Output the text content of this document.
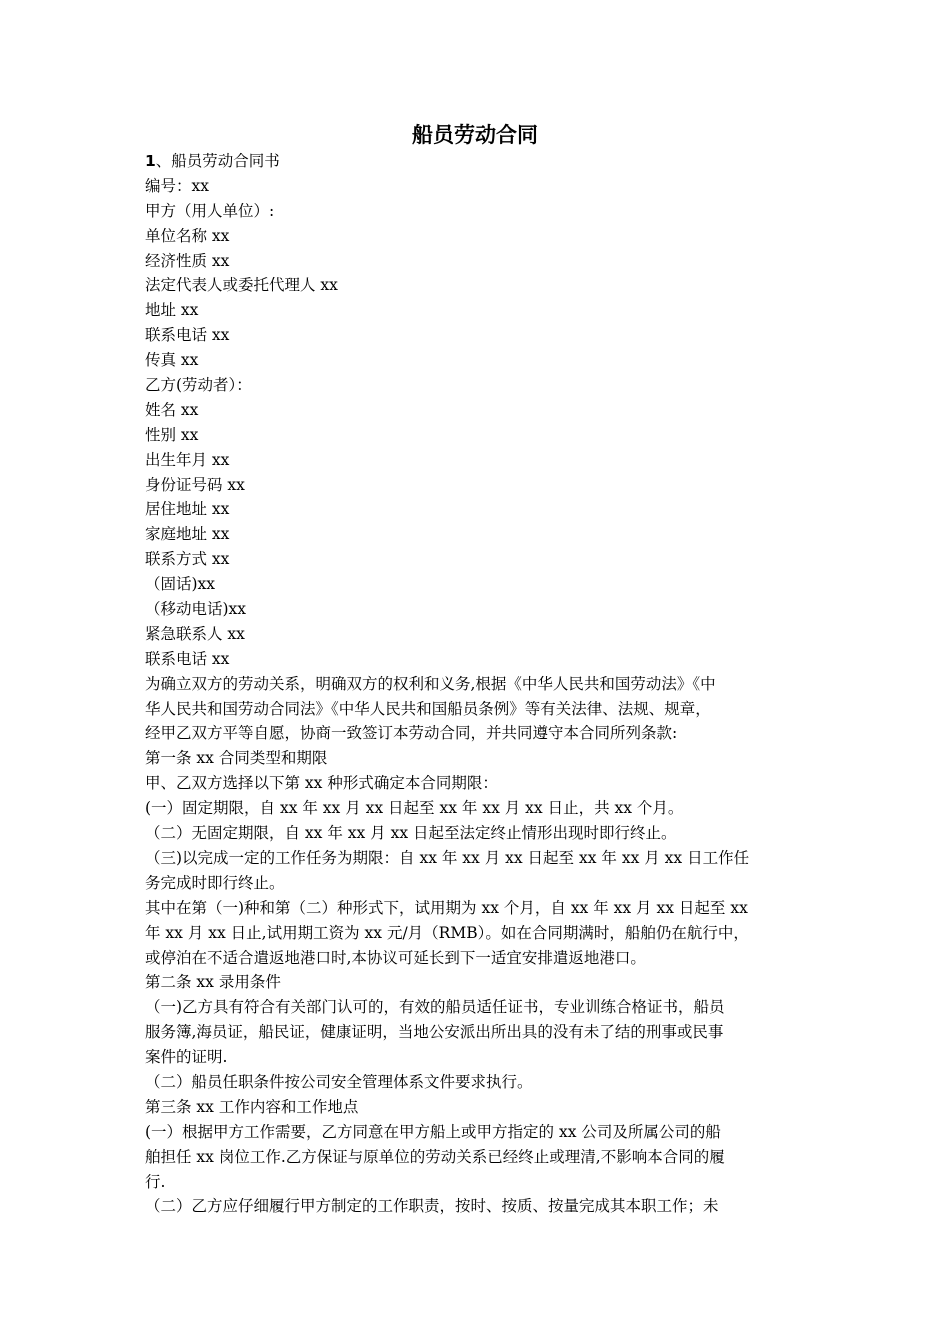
船员劳动合同
1、船员劳动合同书
编号：xx
甲方（用人单位）:
单位名称 xx
经济性质 xx
法定代表人或委托代理人 xx
地址 xx
联系电话 xx
传真 xx
乙方(劳动者）：
姓名 xx
性别 xx
出生年月 xx
身份证号码 xx
居住地址 xx
家庭地址 xx
联系方式 xx
（固话)xx
（移动电话)xx
紧急联系人 xx
联系电话 xx
为确立双方的劳动关系，明确双方的权利和义务,根据《中华人民共和国劳动法》《中
华人民共和国劳动合同法》《中华人民共和国船员条例》等有关法律、法规、规章，
经甲乙双方平等自愿，协商一致签订本劳动合同，并共同遵守本合同所列条款:
第一条 xx 合同类型和期限
甲、乙双方选择以下第 xx 种形式确定本合同期限：
(一）固定期限，自 xx 年 xx 月 xx 日起至 xx 年 xx 月 xx 日止，共 xx 个月。
（二）无固定期限，自 xx 年 xx 月 xx 日起至法定终止情形出现时即行终止。
（三)以完成一定的工作任务为期限：自 xx 年 xx 月 xx 日起至 xx 年 xx 月 xx 日工作任
务完成时即行终止。
其中在第（一)种和第（二）种形式下，试用期为 xx 个月，自 xx 年 xx 月 xx 日起至 xx
年 xx 月 xx 日止,试用期工资为 xx 元/月（RMB）。如在合同期满时，船舶仍在航行中，
或停泊在不适合遣返地港口时,本协议可延长到下一适宜安排遣返地港口。
第二条 xx 录用条件
（一)乙方具有符合有关部门认可的，有效的船员适任证书，专业训练合格证书，船员
服务簿,海员证，船民证，健康证明，当地公安派出所出具的没有未了结的刑事或民事
案件的证明.
（二）船员任职条件按公司安全管理体系文件要求执行。
第三条 xx 工作内容和工作地点
(一）根据甲方工作需要，乙方同意在甲方船上或甲方指定的 xx 公司及所属公司的船
舶担任 xx 岗位工作.乙方保证与原单位的劳动关系已经终止或理清,不影响本合同的履
行.
（二）乙方应仔细履行甲方制定的工作职责，按时、按质、按量完成其本职工作；未
